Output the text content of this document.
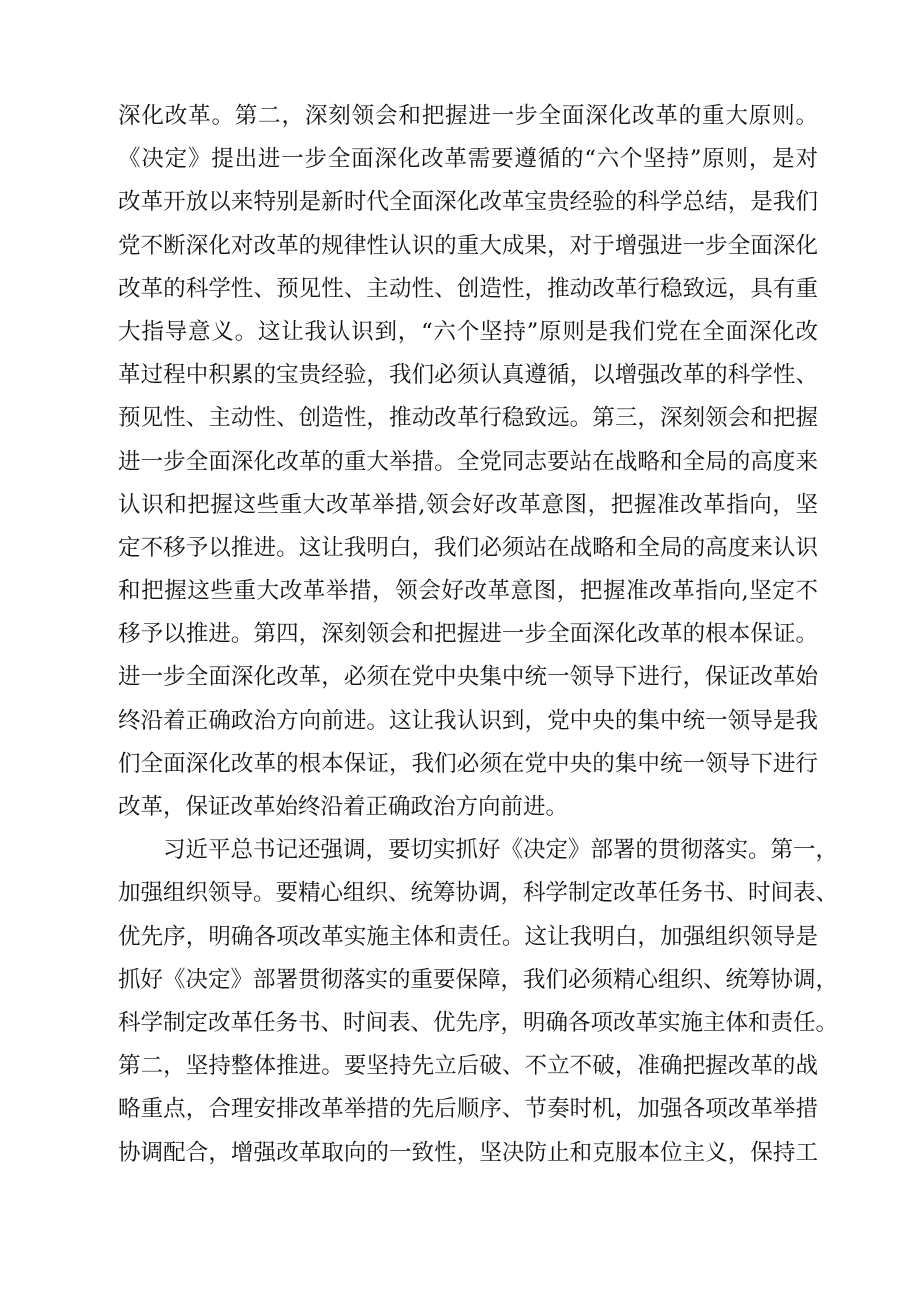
深化改革。第二，深刻领会和把握进一步全面深化改革的重大原则。
《决定》提出进一步全面深化改革需要遵循的“六个坚持”原则，是对
改革开放以来特别是新时代全面深化改革宝贵经验的科学总结，是我们
党不断深化对改革的规律性认识的重大成果，对于增强进一步全面深化
改革的科学性、预见性、主动性、创造性，推动改革行稳致远，具有重
大指导意义。这让我认识到，“六个坚持”原则是我们党在全面深化改
革过程中积累的宝贵经验，我们必须认真遵循，以增强改革的科学性、
预见性、主动性、创造性，推动改革行稳致远。第三，深刻领会和把握
进一步全面深化改革的重大举措。全党同志要站在战略和全局的高度来
认识和把握这些重大改革举措,领会好改革意图，把握准改革指向，坚
定不移予以推进。这让我明白，我们必须站在战略和全局的高度来认识
和把握这些重大改革举措，领会好改革意图，把握准改革指向,坚定不
移予以推进。第四，深刻领会和把握进一步全面深化改革的根本保证。
进一步全面深化改革，必须在党中央集中统一领导下进行，保证改革始
终沿着正确政治方向前进。这让我认识到，党中央的集中统一领导是我
们全面深化改革的根本保证，我们必须在党中央的集中统一领导下进行
改革，保证改革始终沿着正确政治方向前进。
习近平总书记还强调，要切实抓好《决定》部署的贯彻落实。第一，
加强组织领导。要精心组织、统筹协调，科学制定改革任务书、时间表、
优先序，明确各项改革实施主体和责任。这让我明白，加强组织领导是
抓好《决定》部署贯彻落实的重要保障，我们必须精心组织、统筹协调，
科学制定改革任务书、时间表、优先序，明确各项改革实施主体和责任。
第二，坚持整体推进。要坚持先立后破、不立不破，准确把握改革的战
略重点，合理安排改革举措的先后顺序、节奏时机，加强各项改革举措
协调配合，增强改革取向的一致性，坚决防止和克服本位主义，保持工
